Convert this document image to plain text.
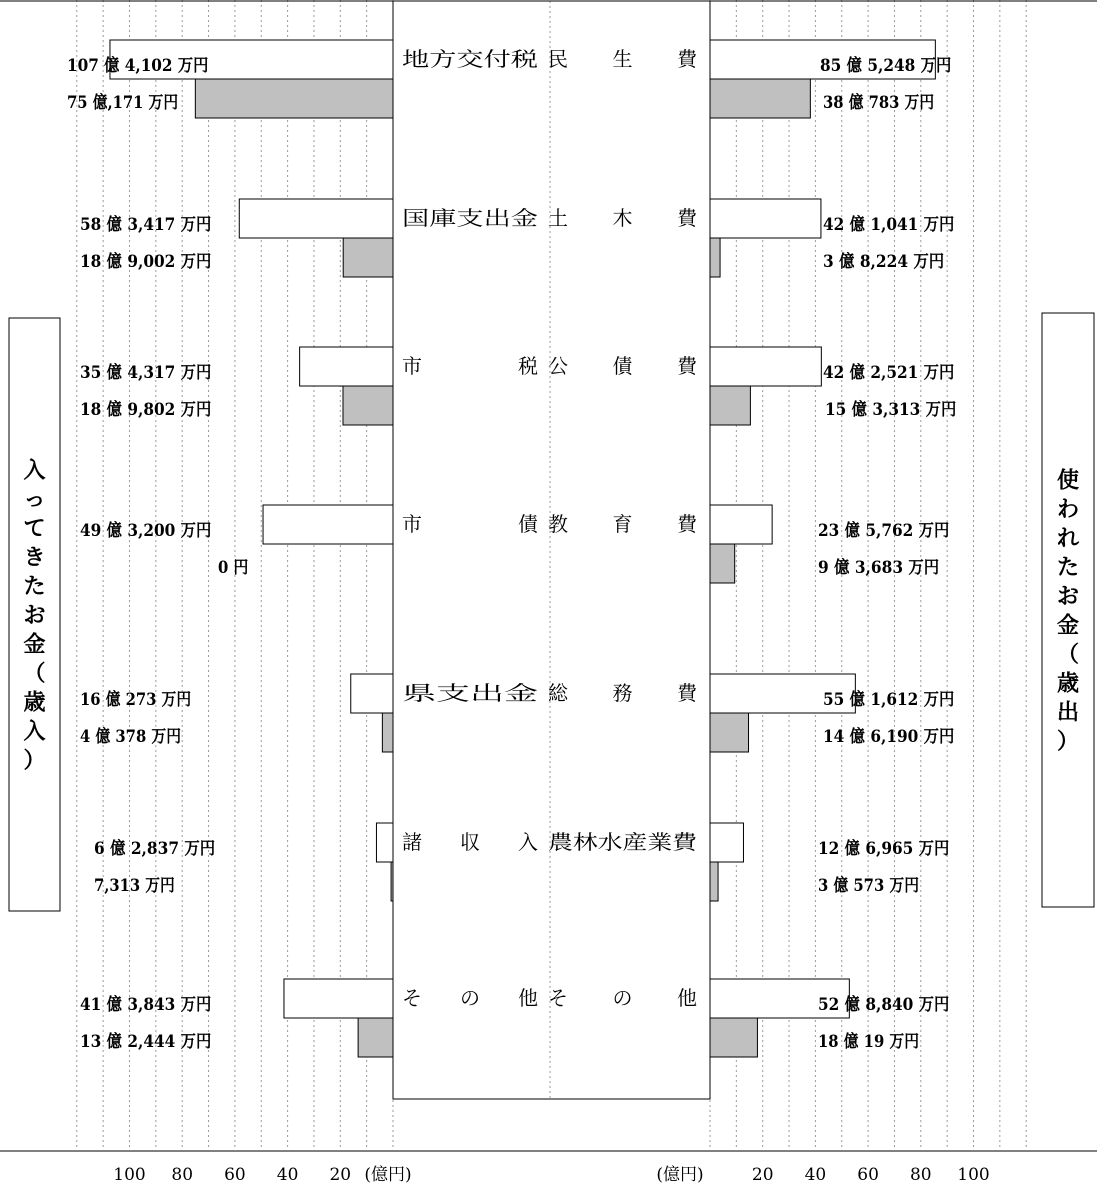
地方交付税
国庫支出金
市	税
市	債
県支出金
諸 収 入
そ の 他
民 生 費
土 木 費
公 債 費
教 育 費
総 務 費
農林水産業費
そ の 他
107 億 4,102 万円
75 億,171 万円
58 億 3,417 万円
18 億 9,002 万円
35 億 4,317 万円
18 億 9,802 万円
49 億 3,200 万円
0 円
16 億 273 万円
4 億 378 万円
6 億 2,837 万円
7,313 万円
41 億 3,843 万円
13 億 2,444 万円
85 億 5,248 万円
38 億 783 万円
42 億 1,041 万円
3 億 8,224 万円
42 億 2,521 万円
15 億 3,313 万円
23 億 5,762 万円
9 億 3,683 万円
55 億 1,612 万円
14 億 6,190 万円
12 億 6,965 万円
3 億 573 万円
52 億 8,840 万円
18 億 19 万円
100 80 60 40 20 (億円)	20 40 60 80 100
(億円)
入
っ
て
き
た
お
金
（
歳
入
）
使
わ
れ
た
お
金
（
歳
出
）
